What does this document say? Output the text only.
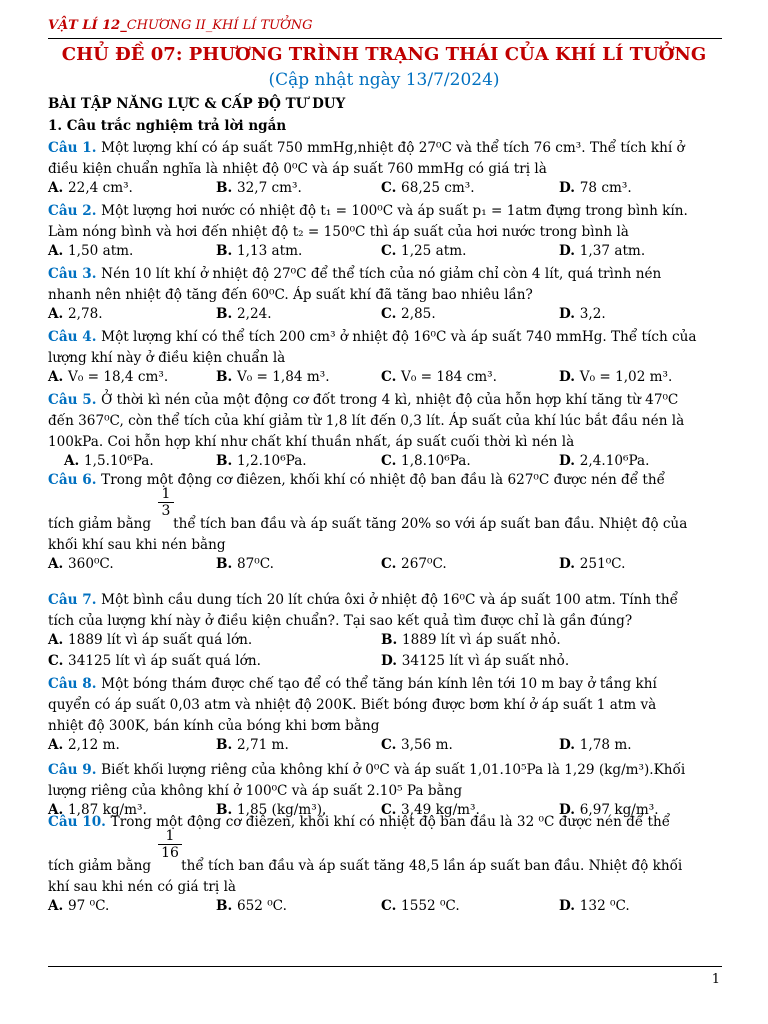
VẬT LÍ 12_CHƯƠNG II_KHÍ LÍ TƯỞNG
CHỦ ĐỀ 07: PHƯƠNG TRÌNH TRẠNG THÁI CỦA KHÍ LÍ TƯỞNG
(Cập nhật ngày 13/7/2024)
BÀI TẬP NĂNG LỰC & CẤP ĐỘ TƯ DUY
1. Câu trắc nghiệm trả lời ngắn
Câu 1. Một lượng khí có áp suất 750 mmHg,nhiệt độ 27⁰C và thể tích 76 cm³. Thể tích khí ở
điều kiện chuẩn nghĩa là nhiệt độ 0⁰C và áp suất 760 mmHg có giá trị là
A. 22,4 cm³.	B. 32,7 cm³.	C. 68,25 cm³.	D. 78 cm³.
Câu 2. Một lượng hơi nước có nhiệt độ t₁ = 100⁰C và áp suất p₁ = 1atm đựng trong bình kín.
Làm nóng bình và hơi đến nhiệt độ t₂ = 150⁰C thì áp suất của hơi nước trong bình là
A. 1,50 atm.	B. 1,13 atm.	C. 1,25 atm.	D. 1,37 atm.
Câu 3. Nén 10 lít khí ở nhiệt độ 27⁰C để thể tích của nó giảm chỉ còn 4 lít, quá trình nén
nhanh nên nhiệt độ tăng đến 60⁰C. Áp suất khí đã tăng bao nhiêu lần?
A. 2,78.	B. 2,24.	C. 2,85.	D. 3,2.
Câu 4. Một lượng khí có thể tích 200 cm³ ở nhiệt độ 16⁰C và áp suất 740 mmHg. Thể tích của
lượng khí này ở điều kiện chuẩn là
A. V₀ = 18,4 cm³.	B. V₀ = 1,84 m³.	C. V₀ = 184 cm³.	D. V₀ = 1,02 m³.
Câu 5. Ở thời kì nén của một động cơ đốt trong 4 kì, nhiệt độ của hỗn hợp khí tăng từ 47⁰C
đến 367⁰C, còn thể tích của khí giảm từ 1,8 lít đến 0,3 lít. Áp suất của khí lúc bắt đầu nén là
100kPa. Coi hỗn hợp khí như chất khí thuần nhất, áp suất cuối thời kì nén là
A. 1,5.10⁶Pa.	B. 1,2.10⁶Pa.	C. 1,8.10⁶Pa.	D. 2,4.10⁶Pa.
Câu 6. Trong một động cơ điêzen, khối khí có nhiệt độ ban đầu là 627⁰C được nén để thể
tích giảm bằng thể tích ban đầu và áp suất tăng 20% so với áp suất ban đầu. Nhiệt độ của
$\frac{1}{3}$
khối khí sau khi nén bằng
A. 360⁰C.	B. 87⁰C.	C. 267⁰C.	D. 251⁰C.
Câu 7. Một bình cầu dung tích 20 lít chứa ôxi ở nhiệt độ 16⁰C và áp suất 100 atm. Tính thể
tích của lượng khí này ở điều kiện chuẩn?. Tại sao kết quả tìm được chỉ là gần đúng?
A. 1889 lít vì áp suất quá lớn.	B. 1889 lít vì áp suất nhỏ.
C. 34125 lít vì áp suất quá lớn.	D. 34125 lít vì áp suất nhỏ.
Câu 8. Một bóng thám được chế tạo để có thể tăng bán kính lên tới 10 m bay ở tầng khí
quyển có áp suất 0,03 atm và nhiệt độ 200K. Biết bóng được bơm khí ở áp suất 1 atm và
nhiệt độ 300K, bán kính của bóng khi bơm bằng
A. 2,12 m.	B. 2,71 m.	C. 3,56 m.	D. 1,78 m.
Câu 9. Biết khối lượng riêng của không khí ở 0⁰C và áp suất 1,01.10⁵Pa là 1,29 (kg/m³).Khối
lượng riêng của không khí ở 100⁰C và áp suất 2.10⁵ Pa bằng
A. 1,87 kg/m³.	B. 1,85 (kg/m³).	C. 3,49 kg/m³.	D. 6,97 kg/m³.
Câu 10. Trong một động cơ điêzen, khối khí có nhiệt độ ban đầu là 32 ⁰C được nén để thể
tích giảm bằng thể tích ban đầu và áp suất tăng 48,5 lần áp suất ban đầu. Nhiệt độ khối
$\frac{1}{16}$
khí sau khi nén có giá trị là
A. 97 ⁰C.	B. 652 ⁰C.	C. 1552 ⁰C.	D. 132 ⁰C.
1
